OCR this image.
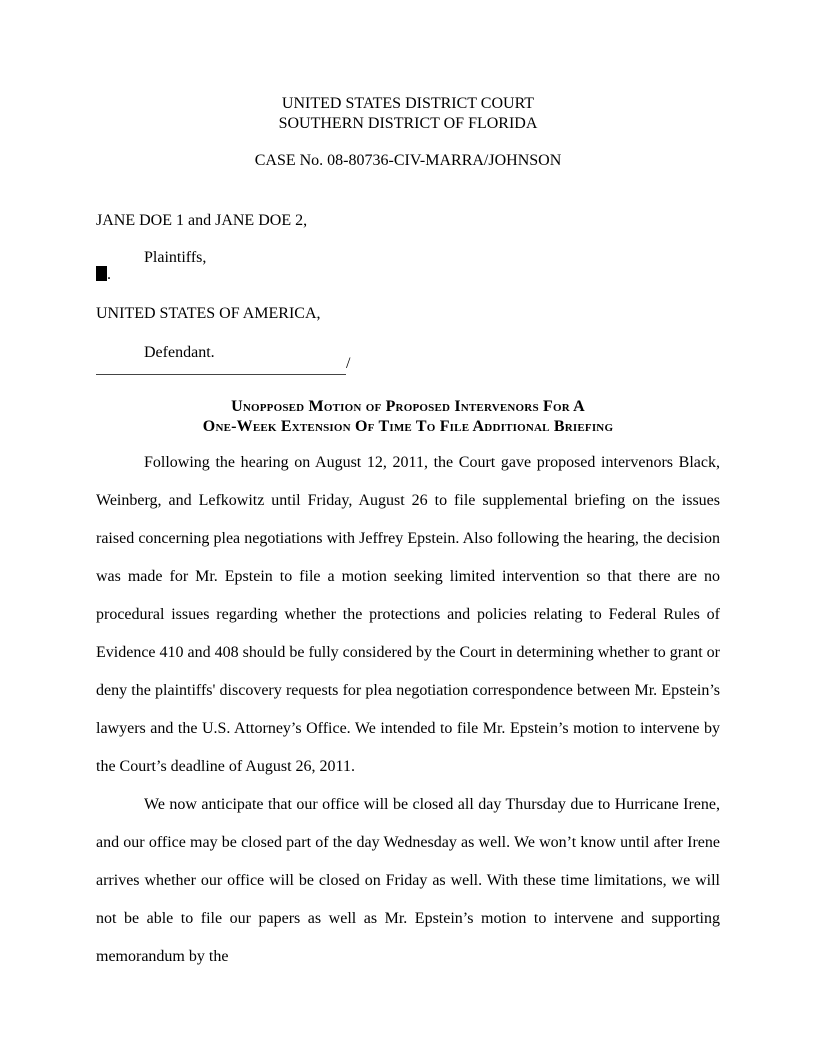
UNITED STATES DISTRICT COURT
SOUTHERN DISTRICT OF FLORIDA
CASE No. 08-80736-CIV-MARRA/JOHNSON
JANE DOE 1 and JANE DOE 2,
Plaintiffs,
.
UNITED STATES OF AMERICA,
Defendant.
/
Unopposed Motion of Proposed Intervenors For A
One-Week Extension Of Time To File Additional Briefing

Following the hearing on August 12, 2011, the Court gave proposed intervenors Black, Weinberg, and Lefkowitz until Friday, August 26 to file supplemental briefing on the issues raised concerning plea negotiations with Jeffrey Epstein. Also following the hearing, the decision was made for Mr. Epstein to file a motion seeking limited intervention so that there are no procedural issues regarding whether the protections and policies relating to Federal Rules of Evidence 410 and 408 should be fully considered by the Court in determining whether to grant or deny the plaintiffs' discovery requests for plea negotiation correspondence between Mr. Epstein’s lawyers and the U.S. Attorney’s Office. We intended to file Mr. Epstein’s motion to intervene by the Court’s deadline of August 26, 2011.

We now anticipate that our office will be closed all day Thursday due to Hurricane Irene, and our office may be closed part of the day Wednesday as well. We won’t know until after Irene arrives whether our office will be closed on Friday as well. With these time limitations, we will not be able to file our papers as well as Mr. Epstein’s motion to intervene and supporting memorandum by the
